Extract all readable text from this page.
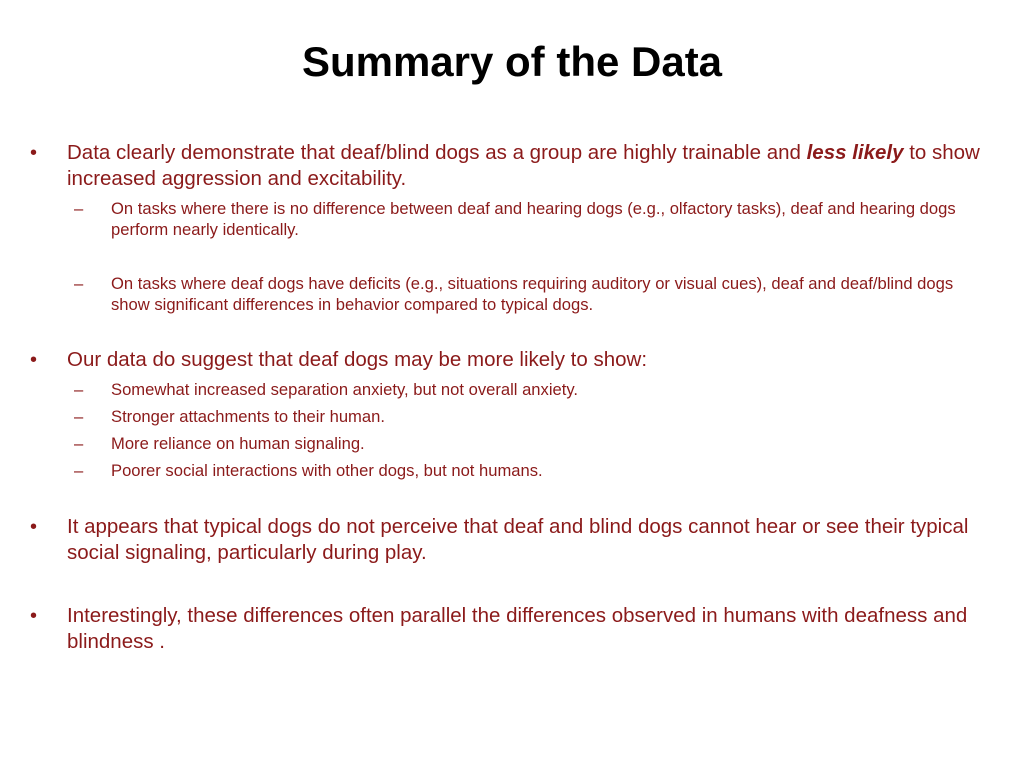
Summary of the Data
• Data clearly demonstrate that deaf/blind dogs as a group are highly trainable and less likely to show increased aggression and excitability.
– On tasks where there is no difference between deaf and hearing dogs (e.g., olfactory tasks), deaf and hearing dogs perform nearly identically.
– On tasks where deaf dogs have deficits (e.g., situations requiring auditory or visual cues), deaf and deaf/blind dogs show significant differences in behavior compared to typical dogs.
• Our data do suggest that deaf dogs may be more likely to show:
– Somewhat increased separation anxiety, but not overall anxiety.
– Stronger attachments to their human.
– More reliance on human signaling.
– Poorer social interactions with other dogs, but not humans.
• It appears that typical dogs do not perceive that deaf and blind dogs cannot hear or see their typical social signaling, particularly during play.
• Interestingly, these differences often parallel the differences observed in humans with deafness and blindness .
